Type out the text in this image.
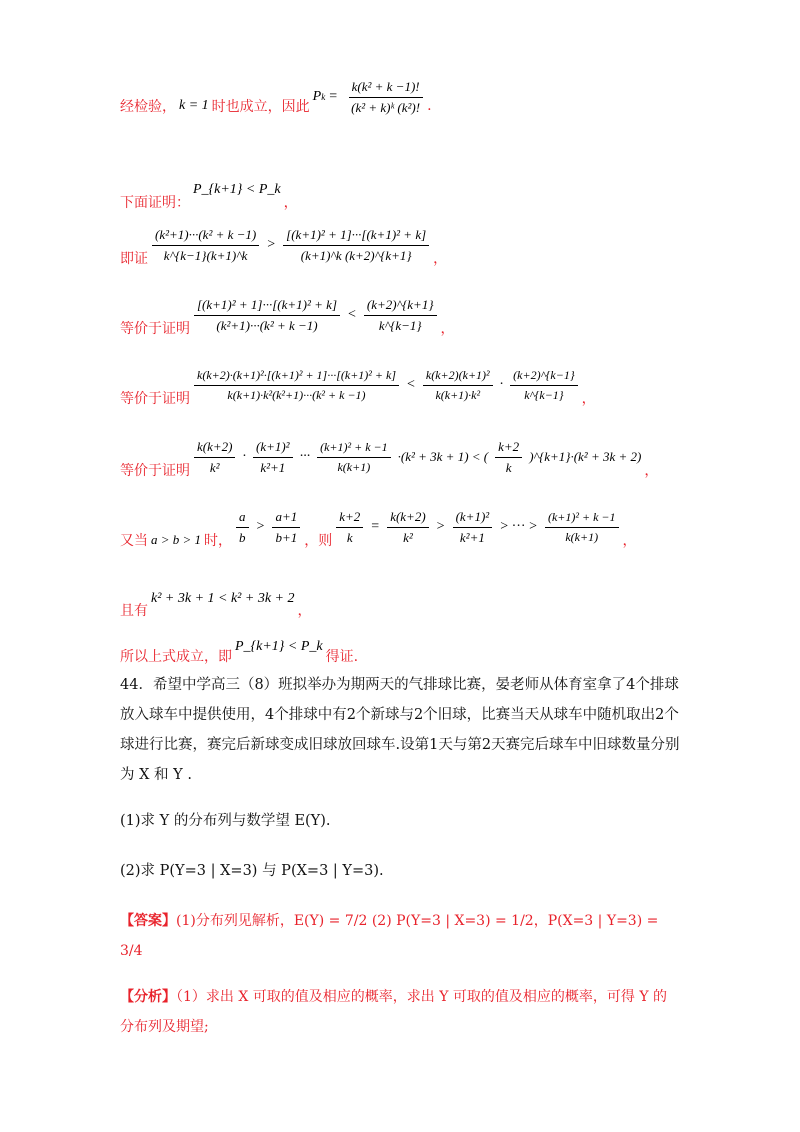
经检验， k = 1 时也成立，因此
P $k = \frac{\text{k(k² + k −1)!}}{\text{(k² + k)ᵏ (k²)!}}$ .
下面证明：
P_{k+1} < P_k
，
即证 $\frac{\text{(k²+1)···(k² + k −1)}}{k\^{}\{k-1\}(k+1)\^{}k} > \frac{\text{[(k+1)² + 1]···[(k+1)² + k]}}{(k+1)\^{}k (k+2)\^{}\{k+1\}}$ ，
等价于证明 $\frac{\text{[(k+1)² + 1]···[(k+1)² + k]}}{\text{(k²+1)···(k² + k −1)}} < \frac{(k+2)\^{}\{k+1\}}{k\^{}\{k-1\}}$ ，
等价于证明 $\frac{\text{k(k+2)·(k+1)²·[(k+1)² + 1]···[(k+1)² + k]}}{\text{k(k+1)·k²(k²+1)···(k² + k −1)}} < \frac{\text{k(k+2)(k+1)²}}{\text{k(k+1)·k²}} \cdot \frac{(k+2)\^{}\{k-1\}}{k\^{}\{k-1\}}$ ，
等价于证明 $\frac{k(k+2)}{\text{k²}} \cdot \frac{\text{(k+1)²}}{\text{k²+1}}$ ··· $\frac{\text{(k+1)² + k −1}}{k(k+1)} \cdot(k^2 + 3k + 1)$ < ( $\frac{k+2}{k}$ )^{k+1}·(k² + 3k + 2)
，
又当 a > b > 1 时， $\frac{a}{b} > \frac{a+1}{b+1}$ ，则 $\frac{k+2}{k} = \frac{k(k+2)}{\text{k²}} > \frac{\text{(k+1)²}}{\text{k²+1}}$ > ··· > $\frac{\text{(k+1)² + k −1}}{k(k+1)}$ ，
且有
k² + 3k + 1 < k² + 3k + 2
，
所以上式成立，即
P_{k+1} < P_k
得证.
44．希望中学高三（8）班拟举办为期两天的气排球比赛，晏老师从体育室拿了4个排球放入球车中提供使用，4个排球中有2个新球与2个旧球，比赛当天从球车中随机取出2个球进行比赛，赛完后新球变成旧球放回球车.设第1天与第2天赛完后球车中旧球数量分别为 X 和 Y .
(1)求 Y 的分布列与数学望 E(Y).
(2)求 P(Y=3 | X=3) 与 P(X=3 | Y=3).
【答案】(1)分布列见解析，E(Y) = 7/2 (2) P(Y=3 | X=3) = 1/2，P(X=3 | Y=3) = 3/4
【分析】（1）求出 X 可取的值及相应的概率，求出 Y 可取的值及相应的概率，可得 Y 的分布列及期望;
